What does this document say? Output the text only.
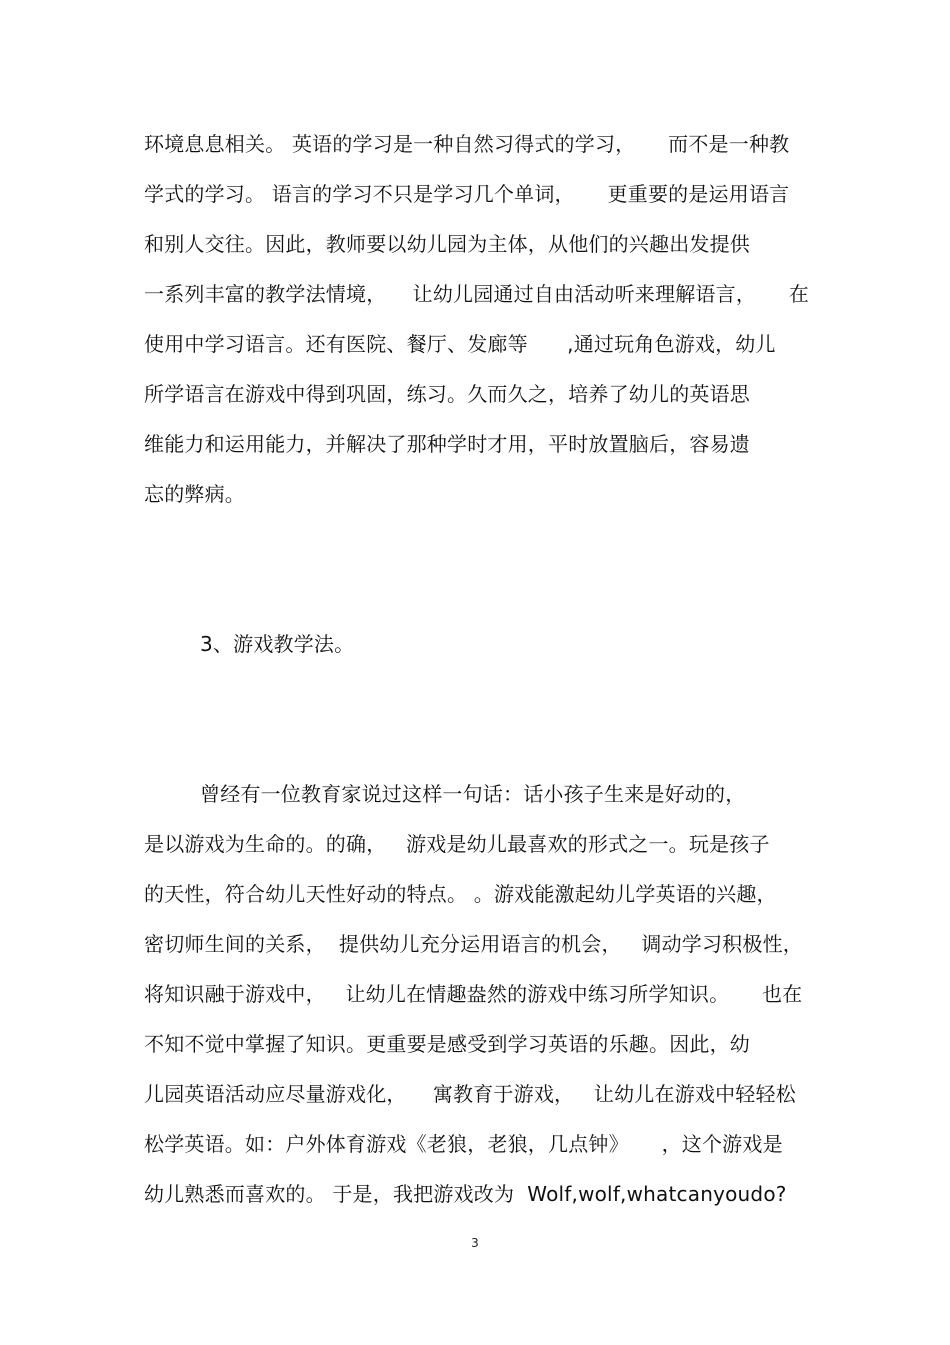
环境息息相关。 英语的学习是一种自然习得式的学习，     而不是一种教
学式的学习。 语言的学习不只是学习几个单词，     更重要的是运用语言
和别人交往。因此，教师要以幼儿园为主体，从他们的兴趣出发提供
一系列丰富的教学法情境，    让幼儿园通过自由活动听来理解语言，     在
使用中学习语言。还有医院、餐厅、发廊等      ,通过玩角色游戏，幼儿
所学语言在游戏中得到巩固，练习。久而久之，培养了幼儿的英语思
维能力和运用能力，并解决了那种学时才用，平时放置脑后，容易遗
忘的弊病。
3、游戏教学法。
曾经有一位教育家说过这样一句话：话小孩子生来是好动的，
是以游戏为生命的。的确，   游戏是幼儿最喜欢的形式之一。玩是孩子
的天性，符合幼儿天性好动的特点。 。游戏能激起幼儿学英语的兴趣，
密切师生间的关系，  提供幼儿充分运用语言的机会，   调动学习积极性，
将知识融于游戏中，   让幼儿在情趣盎然的游戏中练习所学知识。     也在
不知不觉中掌握了知识。更重要是感受到学习英语的乐趣。因此，幼
儿园英语活动应尽量游戏化，    寓教育于游戏，   让幼儿在游戏中轻轻松
松学英语。如：户外体育游戏《老狼，老狼，几点钟》     ，这个游戏是
幼儿熟悉而喜欢的。 于是，我把游戏改为  Wolf,wolf,whatcanyoudo?
3
